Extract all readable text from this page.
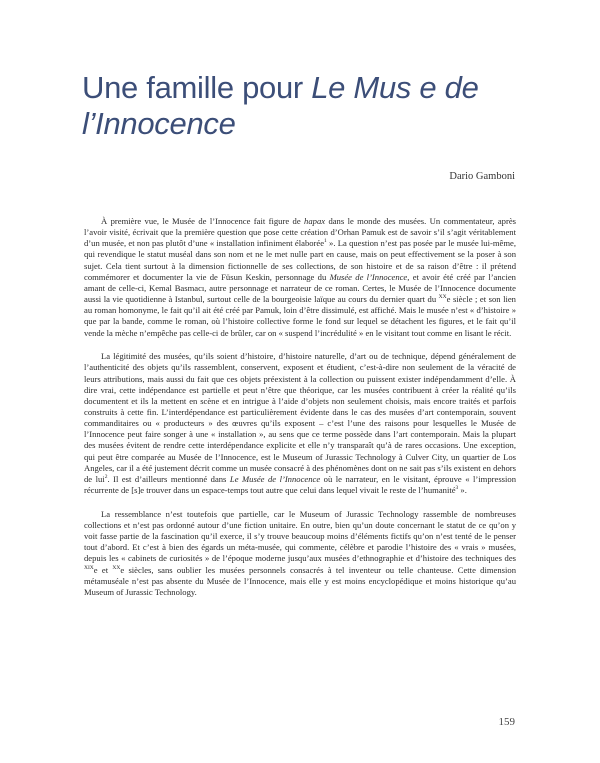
Une famille pour Le Mus e de
l’Innocence
Dario Gamboni

À première vue, le Musée de l’Innocence fait figure de hapax dans le monde des musées. Un commentateur, après l’avoir visité, écrivait que la première question que pose cette création d’Orhan Pamuk est de savoir s’il s’agit véritablement d’un musée, et non pas plutôt d’une « installation infiniment élaborée$^1$ ». La question n’est pas posée par le musée lui-même, qui revendique le statut muséal dans son nom et ne le met nulle part en cause, mais on peut effectivement se la poser à son sujet. Cela tient surtout à la dimension fictionnelle de ses collections, de son histoire et de sa raison d’être : il prétend commémorer et documenter la vie de Füsun Keskin, personnage du Musée de l’Innocence, et avoir été créé par l’ancien amant de celle-ci, Kemal Basmacı, autre personnage et narrateur de ce roman. Certes, le Musée de l’Innocence documente aussi la vie quotidienne à Istanbul, surtout celle de la bourgeoisie laïque au cours du dernier quart du $^{XX}$e siècle ; et son lien au roman homonyme, le fait qu’il ait été créé par Pamuk, loin d’être dissimulé, est affiché. Mais le musée n’est « d’histoire » que par la bande, comme le roman, où l’histoire collective forme le fond sur lequel se détachent les figures, et le fait qu’il vende la mèche n’empêche pas celle-ci de brûler, car on « suspend l’incrédulité » en le visitant tout comme en lisant le récit.

La légitimité des musées, qu’ils soient d’histoire, d’histoire naturelle, d’art ou de technique, dépend généralement de l’authenticité des objets qu’ils rassemblent, conservent, exposent et étudient, c’est-à-dire non seulement de la véracité de leurs attributions, mais aussi du fait que ces objets préexistent à la collection ou puissent exister indépendamment d’elle. À dire vrai, cette indépendance est partielle et peut n’être que théorique, car les musées contribuent à créer la réalité qu’ils documentent et ils la mettent en scène et en intrigue à l’aide d’objets non seulement choisis, mais encore traités et parfois construits à cette fin. L’interdépendance est particulièrement évidente dans le cas des musées d’art contemporain, souvent commanditaires ou « producteurs » des œuvres qu’ils exposent – c’est l’une des raisons pour lesquelles le Musée de l’Innocence peut faire songer à une « installation », au sens que ce terme possède dans l’art contemporain. Mais la plupart des musées évitent de rendre cette interdépendance explicite et elle n’y transparaît qu’à de rares occasions. Une exception, qui peut être comparée au Musée de l’Innocence, est le Museum of Jurassic Technology à Culver City, un quartier de Los Angeles, car il a été justement décrit comme un musée consacré à des phénomènes dont on ne sait pas s’ils existent en dehors de lui$^2$. Il est d’ailleurs mentionné dans Le Musée de l’Innocence où le narrateur, en le visitant, éprouve « l’impression récurrente de [s]e trouver dans un espace-temps tout autre que celui dans lequel vivait le reste de l’humanité$^3$ ».

La ressemblance n’est toutefois que partielle, car le Museum of Jurassic Technology rassemble de nombreuses collections et n’est pas ordonné autour d’une fiction unitaire. En outre, bien qu’un doute concernant le statut de ce qu’on y voit fasse partie de la fascination qu’il exerce, il s’y trouve beaucoup moins d’éléments fictifs qu’on n’est tenté de le penser tout d’abord. Et c’est à bien des égards un méta-musée, qui commente, célèbre et parodie l’histoire des « vrais » musées, depuis les « cabinets de curiosités » de l’époque moderne jusqu’aux musées d’ethnographie et d’histoire des techniques des $^{XIX}$e et $^{XX}$e siècles, sans oublier les musées personnels consacrés à tel inventeur ou telle chanteuse. Cette dimension métamuséale n’est pas absente du Musée de l’Innocence, mais elle y est moins encyclopédique et moins historique qu’au Museum of Jurassic Technology.

159
